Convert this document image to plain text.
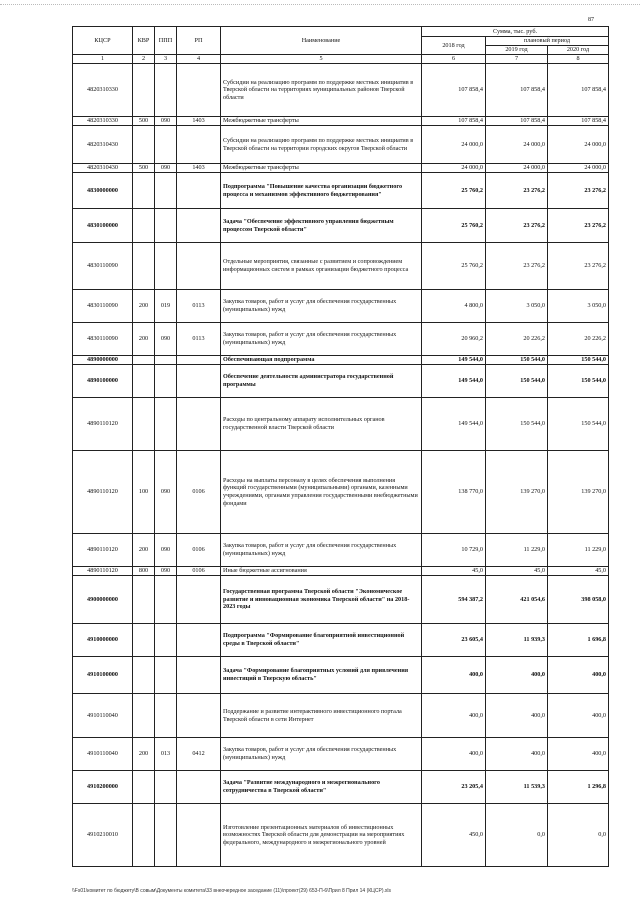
87
КЦСР	КВР	ППП	РП	Наименование	Сумма, тыс. руб.		
					2018 год	плановый период	
						2019 год	2020 год
1	2	3	4	5	6	7	8
4820310330				Субсидии на реализацию программ по поддержке местных инициатив в Тверской области на территориях муниципальных районов Тверской области	107 858,4	107 858,4	107 858,4
4820310330	500	090	1403	Межбюджетные трансферты	107 858,4	107 858,4	107 858,4
4820310430				Субсидии на реализацию программ по поддержке местных инициатив в Тверской области на территории городских округов Тверской области	24 000,0	24 000,0	24 000,0
4820310430	500	090	1403	Межбюджетные трансферты	24 000,0	24 000,0	24 000,0
4830000000				Подпрограмма "Повышение качества организации бюджетного процесса и механизмов эффективного бюджетирования"	25 760,2	23 276,2	23 276,2
4830100000				Задача "Обеспечение эффективного управления бюджетным процессом Тверской области"	25 760,2	23 276,2	23 276,2
4830110090				Отдельные мероприятия, связанные с развитием и сопровождением информационных систем в рамках организации бюджетного процесса	25 760,2	23 276,2	23 276,2
4830110090	200	019	0113	Закупка товаров, работ и услуг для обеспечения государственных (муниципальных) нужд	4 800,0	3 050,0	3 050,0
4830110090	200	090	0113	Закупка товаров, работ и услуг для обеспечения государственных (муниципальных) нужд	20 960,2	20 226,2	20 226,2
4890000000				Обеспечивающая подпрограмма	149 544,0	150 544,0	150 544,0
4890100000				Обеспечение деятельности администратора государственной программы	149 544,0	150 544,0	150 544,0
4890110120				Расходы по центральному аппарату исполнительных органов государственной власти Тверской области	149 544,0	150 544,0	150 544,0
4890110120	100	090	0106	Расходы на выплаты персоналу в целях обеспечения выполнения функций государственными (муниципальными) органами, казенными учреждениями, органами управления государственными внебюджетными фондами	138 770,0	139 270,0	139 270,0
4890110120	200	090	0106	Закупка товаров, работ и услуг для обеспечения государственных (муниципальных) нужд	10 729,0	11 229,0	11 229,0
4890110120	800	090	0106	Иные бюджетные ассигнования	45,0	45,0	45,0
4900000000				Государственная программа Тверской области "Экономическое развитие и инновационная экономика Тверской области" на 2018-2023 годы	594 387,2	421 054,6	398 058,0
4910000000				Подпрограмма "Формирование благоприятной инвестиционной среды в Тверской области"	23 605,4	11 939,3	1 696,8
4910100000				Задача "Формирование благоприятных условий для привлечения инвестиций в Тверскую область"	400,0	400,0	400,0
4910110040				Поддержание и развитие интерактивного инвестиционного портала Тверской области в сети Интернет	400,0	400,0	400,0
4910110040	200	013	0412	Закупка товаров, работ и услуг для обеспечения государственных (муниципальных) нужд	400,0	400,0	400,0
4910200000				Задача "Развитие международного и межрегионального сотрудничества в Тверской области"	23 205,4	11 539,3	1 296,8
4910210010				Изготовление презентационных материалов об инвестиционных возможностях Тверской области для демонстрации на мероприятиях федерального, международного и межрегионального уровней	450,0	0,0	0,0
\\Fs01\комитет по бюджету\В совым\Документы комитета\33 внеочередное заседание (11)\проект(29) 653-П-6\Прил 8 Прил 14 (КЦСР).xls
